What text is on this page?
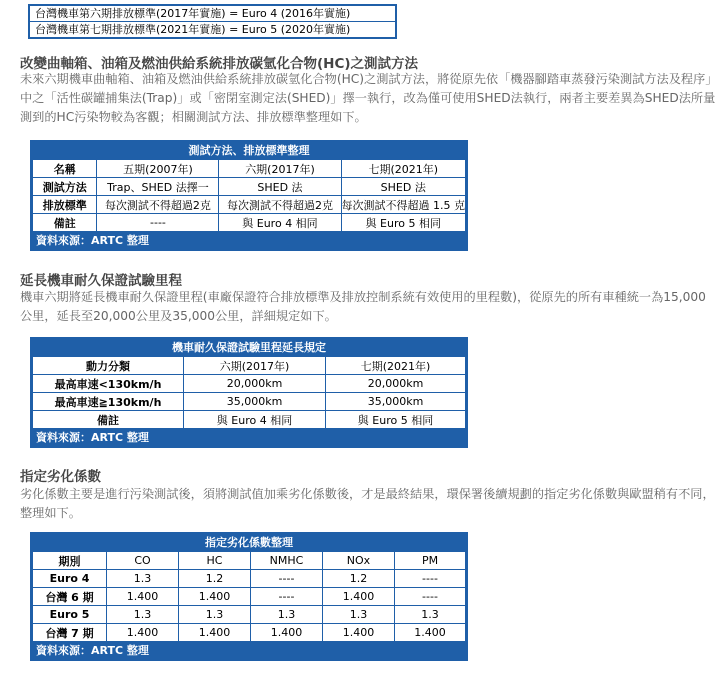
台灣機車第六期排放標準(2017年實施) = Euro 4 (2016年實施)
台灣機車第七期排放標準(2021年實施) = Euro 5 (2020年實施)
改變曲軸箱、油箱及燃油供給系統排放碳氫化合物(HC)之測試方法
未來六期機車曲軸箱、油箱及燃油供給系統排放碳氫化合物(HC)之測試方法，將從原先依「機器腳踏車蒸發污染測試方法及程序」中之「活性碳罐捕集法(Trap)」或「密閉室測定法(SHED)」擇一執行，改為僅可使用SHED法執行，兩者主要差異為SHED法所量測到的HC污染物較為客觀；相關測試方法、排放標準整理如下。
測試方法、排放標準整理
名稱	五期(2007年)	六期(2017年)	七期(2021年)
測試方法	Trap、SHED 法擇一	SHED 法	SHED 法
排放標準	每次測試不得超過2克	每次測試不得超過2克	每次測試不得超過 1.5 克
備註	----	與 Euro 4 相同	與 Euro 5 相同
資料來源：ARTC 整理
延長機車耐久保證試驗里程
機車六期將延長機車耐久保證里程(車廠保證符合排放標準及排放控制系統有效使用的里程數)，從原先的所有車種統一為15,000公里，延長至20,000公里及35,000公里，詳細規定如下。
機車耐久保證試驗里程延長規定
動力分類	六期(2017年)	七期(2021年)
最高車速<130km/h	20,000km	20,000km
最高車速≧130km/h	35,000km	35,000km
備註	與 Euro 4 相同	與 Euro 5 相同
資料來源：ARTC 整理
指定劣化係數
劣化係數主要是進行污染測試後，須將測試值加乘劣化係數後，才是最終結果，環保署後續規劃的指定劣化係數與歐盟稍有不同，整理如下。
指定劣化係數整理
期別	CO	HC	NMHC	NOx	PM
Euro 4	1.3	1.2	----	1.2	----
台灣 6 期	1.400	1.400	----	1.400	----
Euro 5	1.3	1.3	1.3	1.3	1.3
台灣 7 期	1.400	1.400	1.400	1.400	1.400
資料來源：ARTC 整理
